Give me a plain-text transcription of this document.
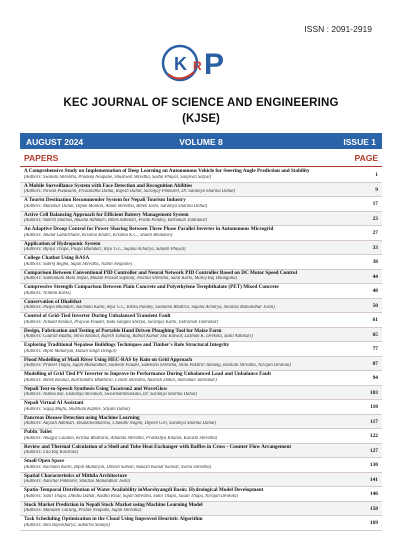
ISSN : 2091-2919
K R P
KEC JOURNAL OF SCIENCE AND ENGINEERING
(KJSE)
AUGUST 2024	VOLUME 8	ISSUE 1
PAPERS	PAGE
A Comprehensive Study on Implementation of Deep Learning on Autonomous Vehicle for Steering Angle Prediction and Stability
(Authors: Swakshi Shrestha, Pradeep Neupane, Shushwat Shrestha, Sushil Phuyal, Sanjivan Satyal)	1
A Mobile Surveillance System with Face Detection and Recognition Abilities
(Authors: Pawan Pudasaini, Prasanatha Dahal, Rajesh Dahal, Suranjay Pokharel, Dr. Suramya Sharma Dahal)	9
A Tourist Destination Recommender System for Nepali Tourism Industry
(Authors: Manohar Dahal, Dipak Mainali, Aman Shrestha, Bibek Joshi, Suramya Sharma Dahal)	17
Active Cell Balancing Approach for Efficient Battery Management System
(Authors: Aakriti Sharma, Anusha Adhikari, Bibek Adhikari, Pratik Pandey, Indraman Tamrakar)	23
An Adaptive Droop Control for Power Sharing Between Three Phase Parallel Inverter in Autonomous Microgrid
(Authors: Anand Lamichhane, Krishna Khatri, Krishna K.C., Shanti Bhandari)	27
Application of Hydroponic System
(Authors: Bijaya Thapa, Puspa Bhandari, Riya G.C, Sujana Acharya, Subash Phuyal)	33
College Chatbot Using RASA
(Authors: Subrej Regmi, Sujan Shrestha, Nabin Neupane)	38
Comparison Between Conventional PID Controller and Neural Network PID Controller Based on DC Motor Speed Control
(Authors: Subhamani Mani Nepal, Madan Prasad Sapkota, Nischal Shrestha, Sunil Karki, Manoj Raj Dhungana)	44
Compressive Strength Comparison Between Plain Concrete and Polyethylene Terephthalate (PET) Mixed Concrete
(Authors: Nimesh Karki)	48
Conservation of Dhaibhat
(Authors: Puspa Bhandari, Rachana Karki, Riya G.C, Ritika Pandey, Susmima Bhattrai, Sujana Acharya, Shailiza Manandhar Joshi)	50
Control of Grid-Tied Inverter During Unbalanced Transient Fault
(Authors: Nilkant Khanal, Prajwal Paudel, Yada Sangita Sherpa, Suranjay Karki, Indraman Tamrakar)	61
Design, Fabrication and Testing of Portable Hand Driven Ploughing Tool for Maize Farm
(Authors: Gaurab Budha, Shiva Khanal, Rajesh Tamang, Rabial Kumar Sha Kalwar, Laxman K. Devkota, Sunil Adhikari)	65
Exploring Traditional Nepalese Buildings Techniques and Timber's Role Structural Integrity
(Authors: Bipin Maharjan, Hasan Singh Dongol)	77
Flood Modelling of Madi River Using HEC-RAS by Rain on Grid Approach
(Authors: Prateet Thapa, Sujan Manandhar, Susikesh Paudel, Sudeksha Shrestha, Shila Pakhrin Tamang, Roshani Shrestha, Nirajan Devkota)	87
Modelling of Grid Tied PV Inverter to Improve its Performance During Unbalanced Load and Unbalance Fault
(Authors: Bibek Khanal, Kulchandra Bhattarai, Lenish Shrestha, Aashish Dahal, Indraman Tamrakar)	94
Nepali Text-to-Speech Synthesis Using Tacotron2 and WaveGlow
(Authors: Ashma Rai, Ekdadeja Shivakoti, Swostikallimaskala, Dr. Suramya Sharma Dahal)	103
Nepali Virtual AI Assistant
(Authors: Sajag Majhi, Shubham Kaphle, Shyam Dahal)	110
Pancreas Disease Detection using Machine Learning
(Authors: Aayush Adhikari, Bisulkitoonkarma, Chandni Nagmi, Dipesh Giri, Suramya Sharma Dahal)	117
Public Toilet
(Authors: Anugya Gautam, Kritika Bhattarai, Amanda Shrestha, Pratikshya Khanal, Kalashi Shrestha)	122
Review and Thermal Calculation of a Shell and Tube Heat Exchanger with Baffles in Cross - Counter Flow Arrangement
(Authors: Lila Raj Kotarala)	127
Small Open Space
(Authors: Rachana Karki, Bipin Maharjan, Dinesh Subedi, Aakash Kumar Kalwar, Sweta Shrestha)	130
Spatial Characteristics of Mithila Architecture
(Authors: Aanchal Pokharel, Shailiza Manandhar Joshi)	141
Spatio-Temporal Distribution of Water Availability inMarshyangdi Basin: Hydrological Model Development
(Authors: Sunil Thapa, Dikshu Dahal, Aastha Risal, Sujan Shrestha, Sunil Thapa, Susan Thapa, Nirajan Devkota)	146
Stock Market Prediction in Nepali Stock Market using Machine Learning Model
(Authors: Manuzen Gurung, Prabin Neupane, Sujan Shrestha)	158
Task Scheduling Optimization in the Cloud Using Improved Heuristic Algorithm
(Authors: Rita Rajeesharya, Subarna Shakya)	169
